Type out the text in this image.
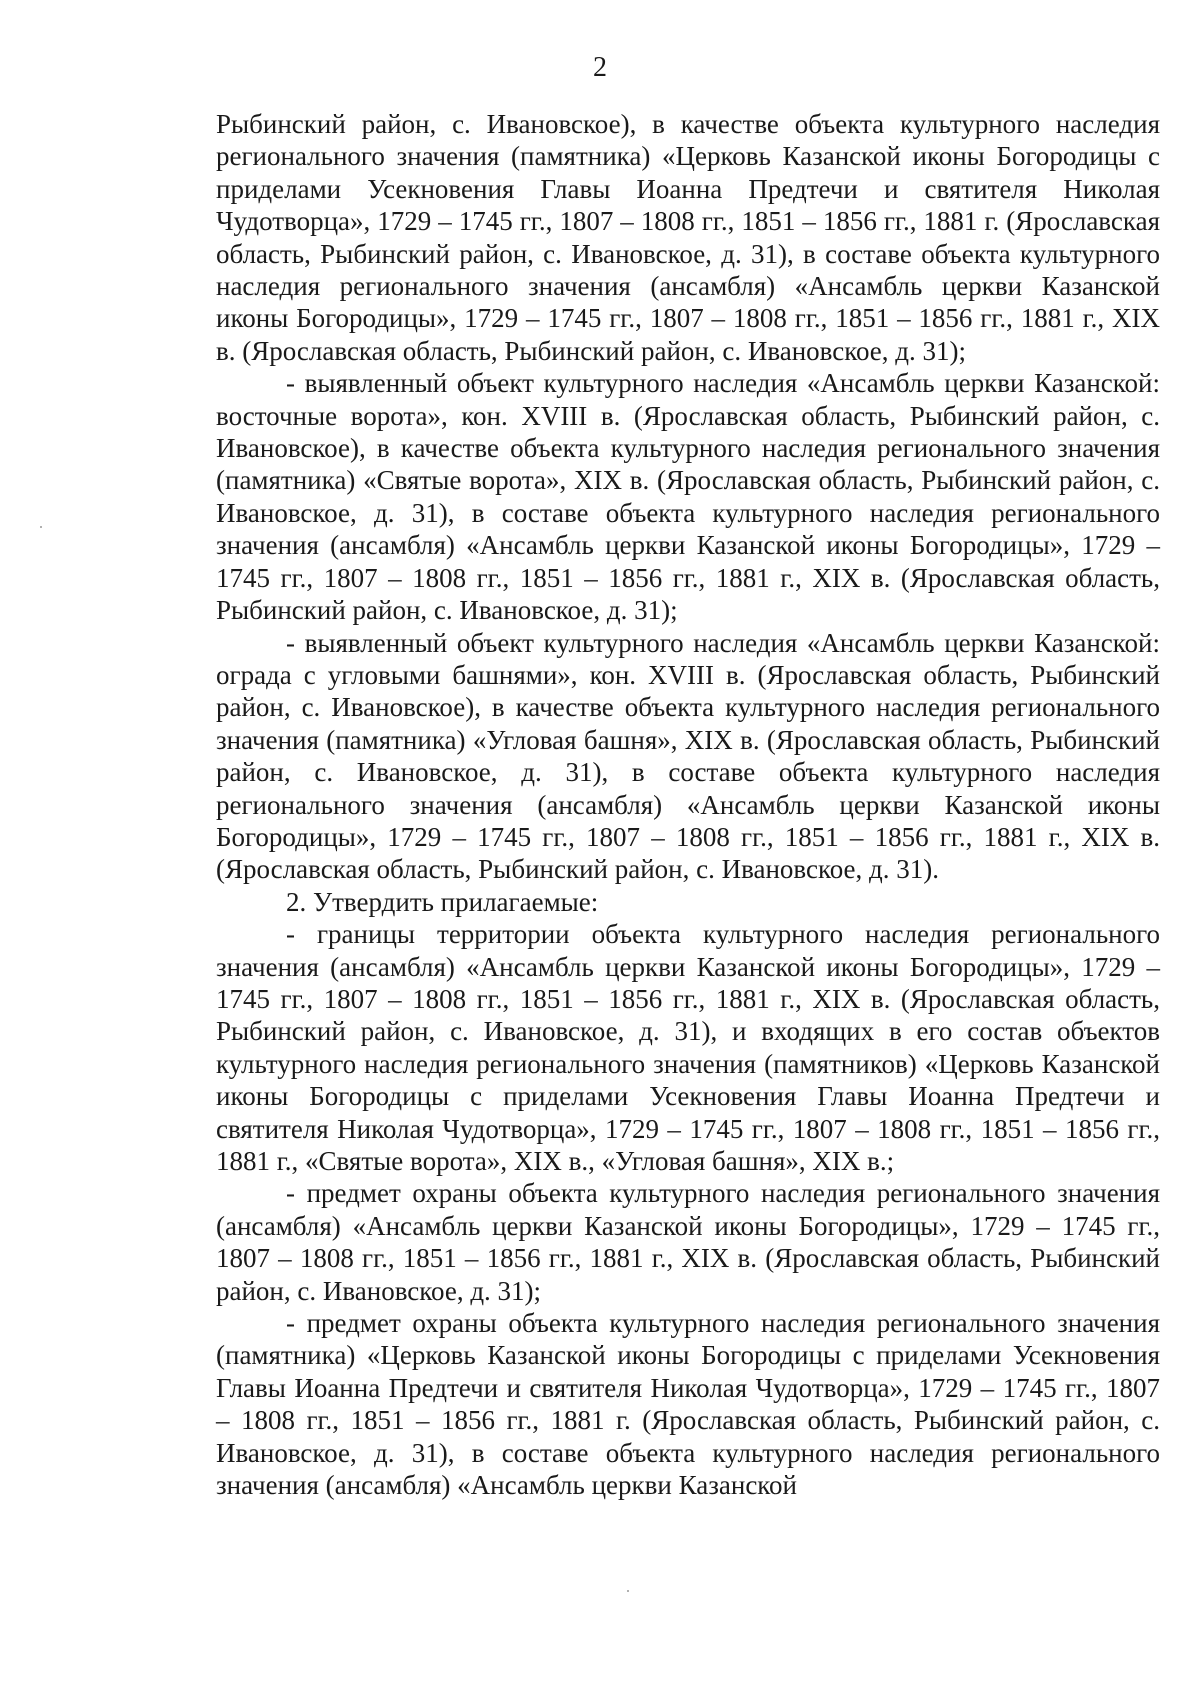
2

Рыбинский район, с. Ивановское), в качестве объекта культурного наследия регионального значения (памятника) «Церковь Казанской иконы Богородицы с приделами Усекновения Главы Иоанна Предтечи и святителя Николая Чудотворца», 1729 – 1745 гг., 1807 – 1808 гг., 1851 – 1856 гг., 1881 г. (Ярославская область, Рыбинский район, с. Ивановское, д. 31), в составе объекта культурного наследия регионального значения (ансамбля) «Ансамбль церкви Казанской иконы Богородицы», 1729 – 1745 гг., 1807 – 1808 гг., 1851 – 1856 гг., 1881 г., XIX в. (Ярославская область, Рыбинский район, с. Ивановское, д. 31);

- выявленный объект культурного наследия «Ансамбль церкви Казанской: восточные ворота», кон. XVIII в. (Ярославская область, Рыбинский район, с. Ивановское), в качестве объекта культурного наследия регионального значения (памятника) «Святые ворота», XIX в. (Ярославская область, Рыбинский район, с. Ивановское, д. 31), в составе объекта культурного наследия регионального значения (ансамбля) «Ансамбль церкви Казанской иконы Богородицы», 1729 – 1745 гг., 1807 – 1808 гг., 1851 – 1856 гг., 1881 г., XIX в. (Ярославская область, Рыбинский район, с. Ивановское, д. 31);

- выявленный объект культурного наследия «Ансамбль церкви Казанской: ограда с угловыми башнями», кон. XVIII в. (Ярославская область, Рыбинский район, с. Ивановское), в качестве объекта культурного наследия регионального значения (памятника) «Угловая башня», XIX в. (Ярославская область, Рыбинский район, с. Ивановское, д. 31), в составе объекта культурного наследия регионального значения (ансамбля) «Ансамбль церкви Казанской иконы Богородицы», 1729 – 1745 гг., 1807 – 1808 гг., 1851 – 1856 гг., 1881 г., XIX в. (Ярославская область, Рыбинский район, с. Ивановское, д. 31).

2. Утвердить прилагаемые:

- границы территории объекта культурного наследия регионального значения (ансамбля) «Ансамбль церкви Казанской иконы Богородицы», 1729 – 1745 гг., 1807 – 1808 гг., 1851 – 1856 гг., 1881 г., XIX в. (Ярославская область, Рыбинский район, с. Ивановское, д. 31), и входящих в его состав объектов культурного наследия регионального значения (памятников) «Церковь Казанской иконы Богородицы с приделами Усекновения Главы Иоанна Предтечи и святителя Николая Чудотворца», 1729 – 1745 гг., 1807 – 1808 гг., 1851 – 1856 гг., 1881 г., «Святые ворота», XIX в., «Угловая башня», XIX в.;

- предмет охраны объекта культурного наследия регионального значения (ансамбля) «Ансамбль церкви Казанской иконы Богородицы», 1729 – 1745 гг., 1807 – 1808 гг., 1851 – 1856 гг., 1881 г., XIX в. (Ярославская область, Рыбинский район, с. Ивановское, д. 31);

- предмет охраны объекта культурного наследия регионального значения (памятника) «Церковь Казанской иконы Богородицы с приделами Усекновения Главы Иоанна Предтечи и святителя Николая Чудотворца», 1729 – 1745 гг., 1807 – 1808 гг., 1851 – 1856 гг., 1881 г. (Ярославская область, Рыбинский район, с. Ивановское, д. 31), в составе объекта культурного наследия регионального значения (ансамбля) «Ансамбль церкви Казанской
